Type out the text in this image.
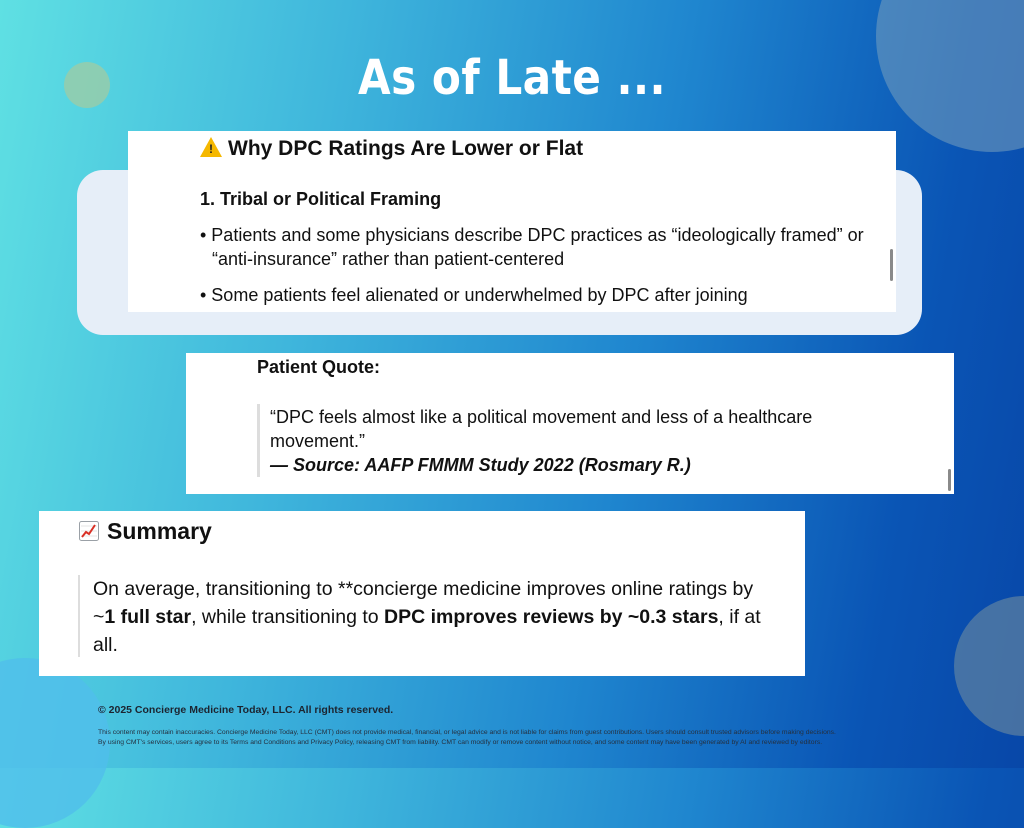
As of Late ...
! Why DPC Ratings Are Lower or Flat
1. Tribal or Political Framing
• Patients and some physicians describe DPC practices as “ideologically framed” or “anti-insurance” rather than patient-centered
• Some patients feel alienated or underwhelmed by DPC after joining
Patient Quote:
“DPC feels almost like a political movement and less of a healthcare movement.”
— Source: AAFP FMMM Study 2022 (Rosmary R.)
Summary
On average, transitioning to **concierge medicine improves online ratings by ~1 full star, while transitioning to DPC improves reviews by ~0.3 stars, if at all.
© 2025 Concierge Medicine Today, LLC. All rights reserved.
This content may contain inaccuracies. Concierge Medicine Today, LLC (CMT) does not provide medical, financial, or legal advice and is not liable for claims from guest contributions. Users should consult trusted advisors before making decisions.
By using CMT's services, users agree to its Terms and Conditions and Privacy Policy, releasing CMT from liability. CMT can modify or remove content without notice, and some content may have been generated by AI and reviewed by editors.
